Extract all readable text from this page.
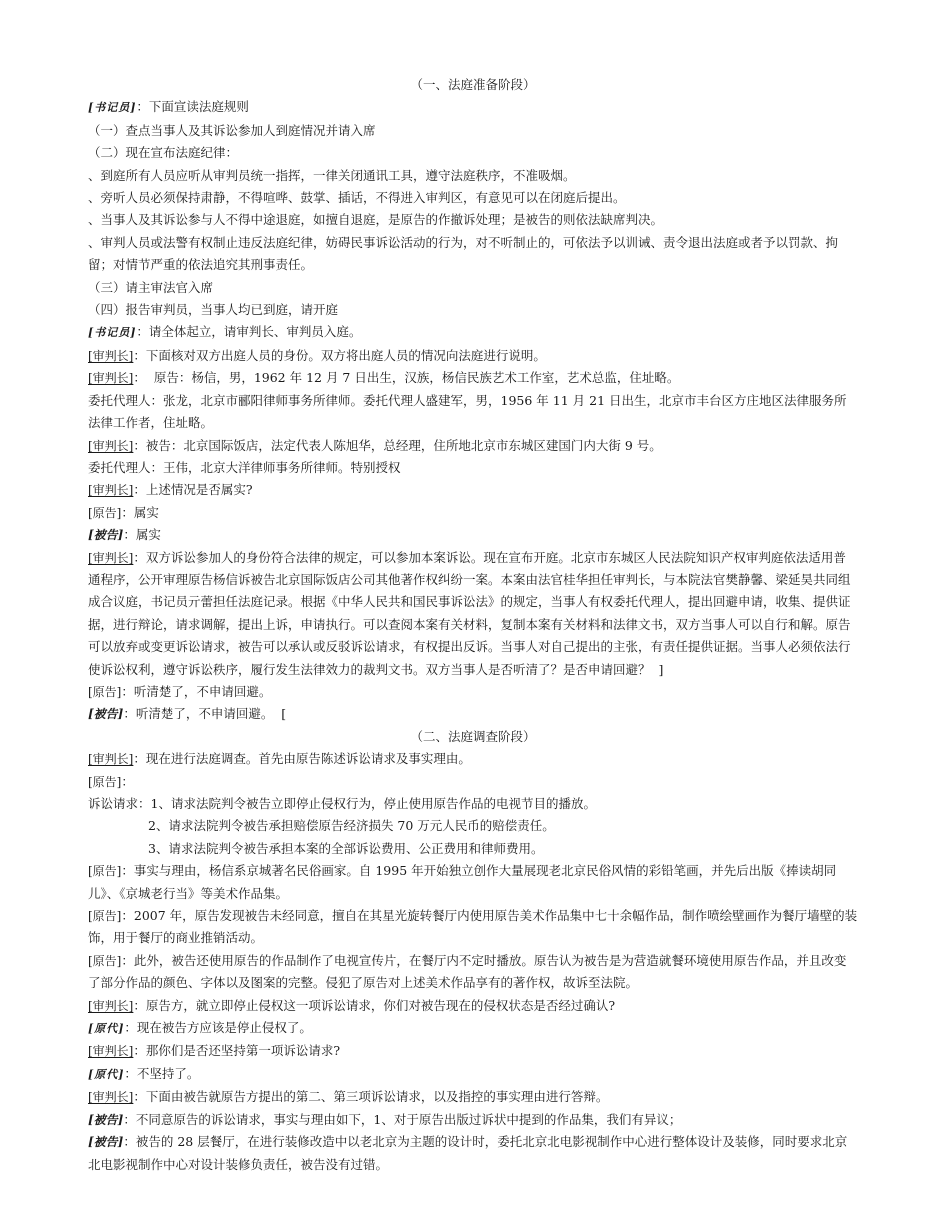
（一、法庭准备阶段）

[书记员]：下面宣读法庭规则

（一）查点当事人及其诉讼参加人到庭情况并请入席

（二）现在宣布法庭纪律：

、到庭所有人员应听从审判员统一指挥，一律关闭通讯工具，遵守法庭秩序，不准吸烟。

、旁听人员必须保持肃静，不得喧哗、鼓掌、插话，不得进入审判区，有意见可以在闭庭后提出。

、当事人及其诉讼参与人不得中途退庭，如擅自退庭，是原告的作撤诉处理；是被告的则依法缺席判决。

、审判人员或法警有权制止违反法庭纪律，妨碍民事诉讼活动的行为，对不听制止的，可依法予以训诫、责令退出法庭或者予以罚款、拘留；对情节严重的依法追究其刑事责任。

（三）请主审法官入席

（四）报告审判员，当事人均已到庭，请开庭

[书记员]：请全体起立，请审判长、审判员入庭。

[审判长]：下面核对双方出庭人员的身份。双方将出庭人员的情况向法庭进行说明。

[审判长]：  原告：杨信，男，1962 年 12 月 7 日出生，汉族，杨信民族艺术工作室，艺术总监，住址略。

委托代理人：张龙，北京市郦阳律师事务所律师。委托代理人盛建军，男，1956 年 11 月 21 日出生，北京市丰台区方庄地区法律服务所法律工作者，住址略。

[审判长]：被告：北京国际饭店，法定代表人陈旭华，总经理，住所地北京市东城区建国门内大街 9 号。

委托代理人：王伟，北京大洋律师事务所律师。特别授权

[审判长]：上述情况是否属实?

[原告]：属实

[被告]：属实

[审判长]：双方诉讼参加人的身份符合法律的规定，可以参加本案诉讼。现在宣布开庭。北京市东城区人民法院知识产权审判庭依法适用普通程序，公开审理原告杨信诉被告北京国际饭店公司其他著作权纠纷一案。本案由法官桂华担任审判长，与本院法官樊静馨、梁延昊共同组成合议庭，书记员亓蕾担任法庭记录。根据《中华人民共和国民事诉讼法》的规定，当事人有权委托代理人，提出回避申请，收集、提供证据，进行辩论，请求调解，提出上诉，申请执行。可以查阅本案有关材料，复制本案有关材料和法律文书，双方当事人可以自行和解。原告可以放弃或变更诉讼请求，被告可以承认或反驳诉讼请求，有权提出反诉。当事人对自己提出的主张，有责任提供证据。当事人必须依法行使诉讼权利，遵守诉讼秩序，履行发生法律效力的裁判文书。双方当事人是否听清了？是否申请回避？  ]

[原告]：听清楚了，不申请回避。

[被告]：听清楚了，不申请回避。  [

（二、法庭调查阶段）

[审判长]：现在进行法庭调查。首先由原告陈述诉讼请求及事实理由。

[原告]：

诉讼请求：1、请求法院判令被告立即停止侵权行为，停止使用原告作品的电视节目的播放。

2、请求法院判令被告承担赔偿原告经济损失 70 万元人民币的赔偿责任。

3、请求法院判令被告承担本案的全部诉讼费用、公正费用和律师费用。

[原告]：事实与理由，杨信系京城著名民俗画家。自 1995 年开始独立创作大量展现老北京民俗风情的彩铅笔画，并先后出版《捧读胡同儿》、《京城老行当》等美术作品集。

[原告]：2007 年，原告发现被告未经同意，擅自在其星光旋转餐厅内使用原告美术作品集中七十余幅作品，制作喷绘壁画作为餐厅墙壁的装饰，用于餐厅的商业推销活动。

[原告]：此外，被告还使用原告的作品制作了电视宣传片，在餐厅内不定时播放。原告认为被告是为营造就餐环境使用原告作品，并且改变了部分作品的颜色、字体以及图案的完整。侵犯了原告对上述美术作品享有的著作权，故诉至法院。

[审判长]：原告方，就立即停止侵权这一项诉讼请求，你们对被告现在的侵权状态是否经过确认?

[原代]：现在被告方应该是停止侵权了。

[审判长]：那你们是否还坚持第一项诉讼请求?

[原代]：不坚持了。

[审判长]：下面由被告就原告方提出的第二、第三项诉讼请求，以及指控的事实理由进行答辩。

[被告]：不同意原告的诉讼请求，事实与理由如下，1、对于原告出版过诉状中提到的作品集，我们有异议；

[被告]：被告的 28 层餐厅，在进行装修改造中以老北京为主题的设计时，委托北京北电影视制作中心进行整体设计及装修，同时要求北京北电影视制作中心对设计装修负责任，被告没有过错。
